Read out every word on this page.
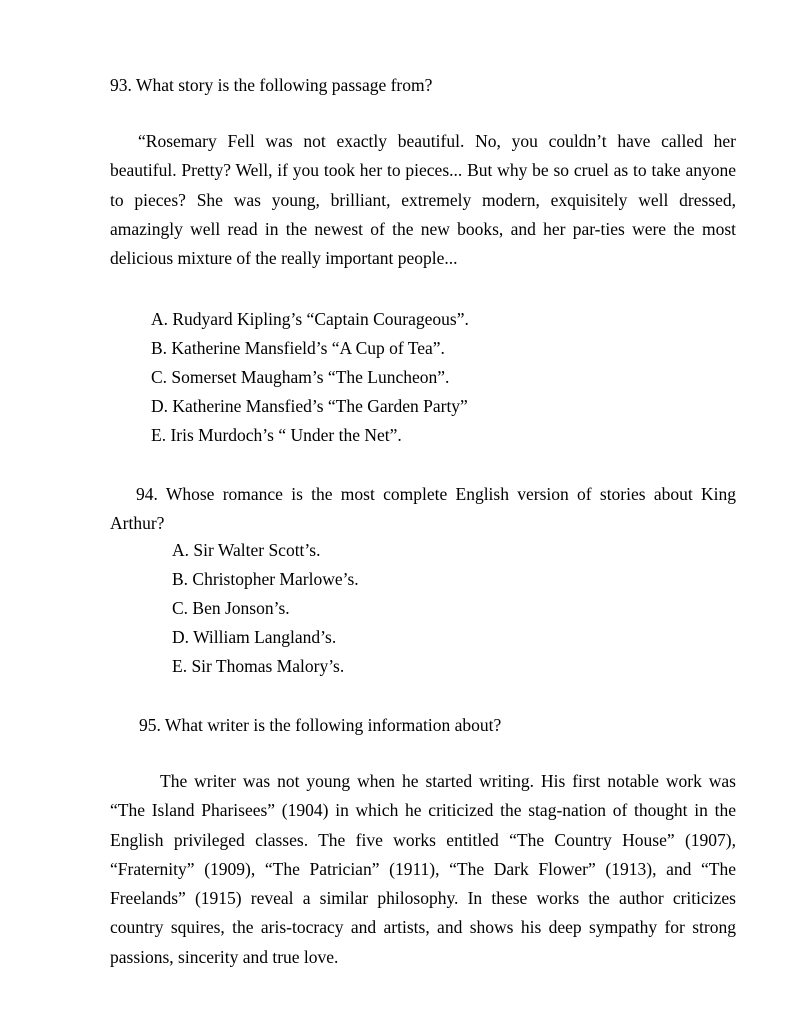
93. What story is the following passage from?
“Rosemary Fell was not exactly beautiful. No, you couldn’t have called her beautiful. Pretty? Well, if you took her to pieces... But why be so cruel as to take anyone to pieces? She was young, brilliant, extremely modern, exquisitely well dressed, amazingly well read in the newest of the new books, and her par-ties were the most delicious mixture of the really important people...
A. Rudyard Kipling’s “Captain Courageous”.
B. Katherine Mansfield’s “A Cup of Tea”.
C. Somerset Maugham’s “The Luncheon”.
D. Katherine Mansfied’s “The Garden Party”
E. Iris Murdoch’s “ Under the Net”.
94. Whose romance is the most complete English version of stories about King Arthur?
A. Sir Walter Scott’s.
B. Christopher Marlowe’s.
C. Ben Jonson’s.
D. William Langland’s.
E. Sir Thomas Malory’s.
95. What writer is the following information about?
The writer was not young when he started writing. His first notable work was “The Island Pharisees” (1904) in which he criticized the stag-nation of thought in the English privileged classes. The five works entitled “The Country House” (1907), “Fraternity” (1909), “The Patrician” (1911), “The Dark Flower” (1913), and “The Freelands” (1915) reveal a similar philosophy. In these works the author criticizes country squires, the aris-tocracy and artists, and shows his deep sympathy for strong passions, sincerity and true love.
